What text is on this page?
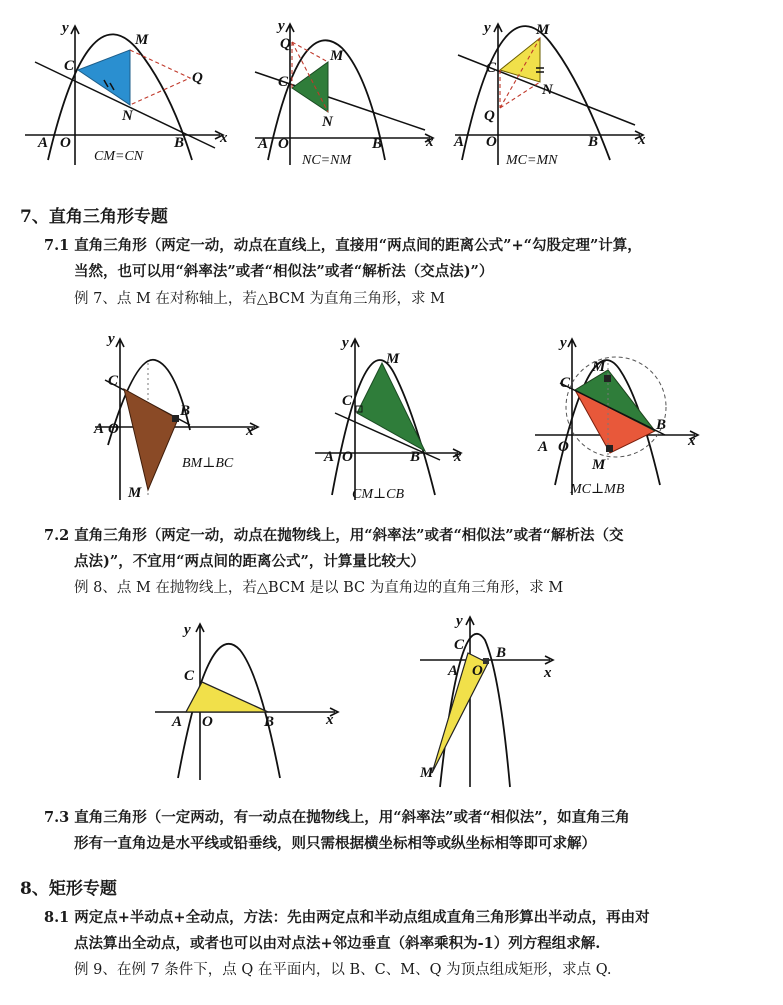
y
x
M
C
Q
N
A O	B
CM=CN
y
x
Q
M
C
N
A O	B
NC=NM
y
x
M
C
N
Q
A O	B
MC=MN
7、直角三角形专题
7.1 直角三角形（两定一动，动点在直线上，直接用“两点间的距离公式”+“勾股定理”计算，
当然，也可以用“斜率法”或者“相似法”或者“解析法（交点法)”）
例 7、点 M 在对称轴上，若△BCM 为直角三角形，求 M
y
x
C
B
A O
M
BM⊥BC
y
x
M
C
A O	B
CM⊥CB
y
x
M
C
B
A O
M
MC⊥MB
7.2 直角三角形（两定一动，动点在抛物线上，用“斜率法”或者“相似法”或者“解析法（交
点法)”，不宜用“两点间的距离公式”，计算量比较大）
例 8、点 M 在抛物线上，若△BCM 是以 BC 为直角边的直角三角形，求 M
y
x
C
A O	B
y
x
C B
A O
M
7.3 直角三角形（一定两动，有一动点在抛物线上，用“斜率法”或者“相似法”，如直角三角
形有一直角边是水平线或铅垂线，则只需根据横坐标相等或纵坐标相等即可求解）
8、矩形专题
8.1 两定点+半动点+全动点，方法：先由两定点和半动点组成直角三角形算出半动点，再由对
点法算出全动点，或者也可以由对点法+邻边垂直（斜率乘积为-1）列方程组求解.
例 9、在例 7 条件下，点 Q 在平面内，以 B、C、M、Q 为顶点组成矩形，求点 Q.
